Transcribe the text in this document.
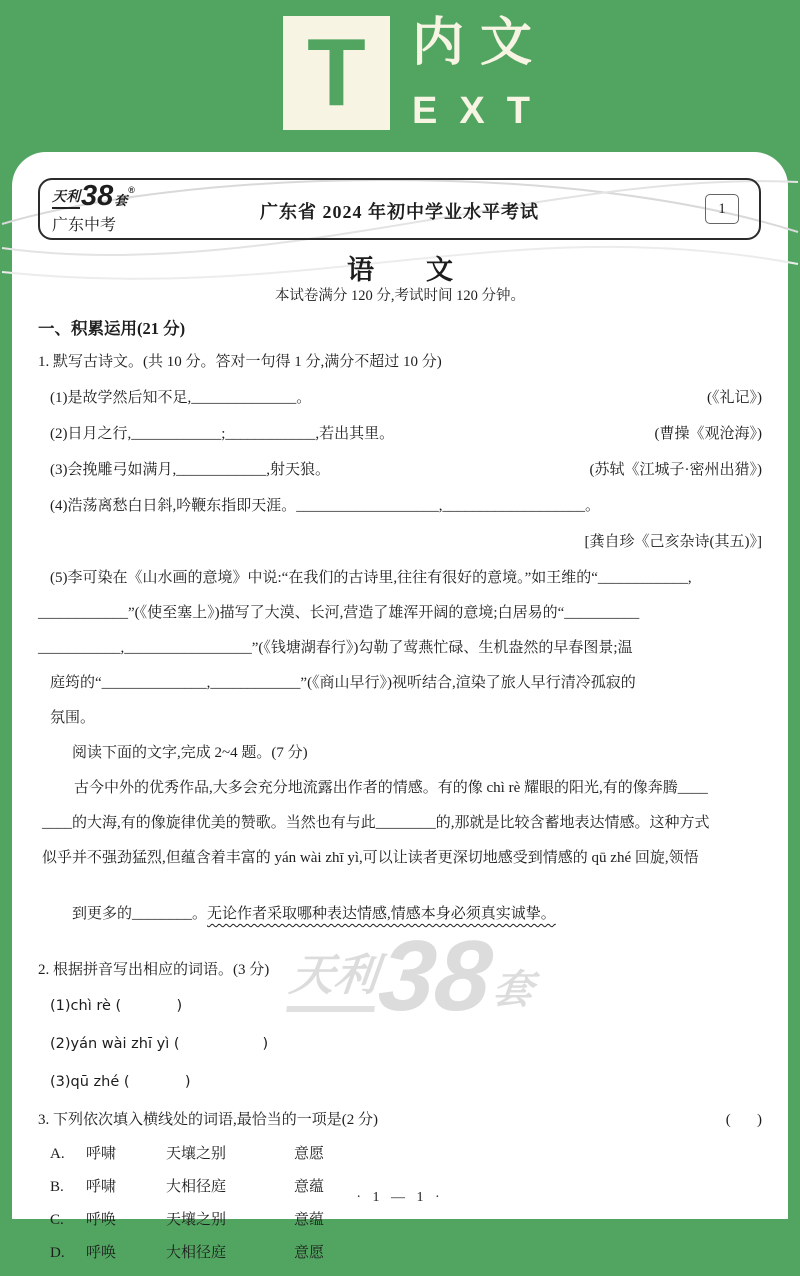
T 内文
EXT
天利 38 套
®
广东中考
广东省 2024 年初中学业水平考试	1
语文
本试卷满分 120 分,考试时间 120 分钟。
天利
38
套
一、积累运用(21 分)
1. 默写古诗文。(共 10 分。答对一句得 1 分,满分不超过 10 分)
(1)是故学然后知不足,______________。	(《礼记》)
(2)日月之行,____________;____________,若出其里。	(曹操《观沧海》)
(3)会挽雕弓如满月,____________,射天狼。	(苏轼《江城子·密州出猎》)
(4)浩荡离愁白日斜,吟鞭东指即天涯。___________________,___________________。
[龚自珍《己亥杂诗(其五)》]
(5)李可染在《山水画的意境》中说:“在我们的古诗里,往往有很好的意境。”如王维的“____________,
____________”(《使至塞上》)描写了大漠、长河,营造了雄浑开阔的意境;白居易的“__________
___________,_________________”(《钱塘湖春行》)勾勒了莺燕忙碌、生机盎然的早春图景;温
庭筠的“______________,____________”(《商山早行》)视听结合,渲染了旅人早行清冷孤寂的
氛围。
阅读下面的文字,完成 2~4 题。(7 分)
古今中外的优秀作品,大多会充分地流露出作者的情感。有的像 chì rè 耀眼的阳光,有的像奔腾____
____的大海,有的像旋律优美的赞歌。当然也有与此________的,那就是比较含蓄地表达情感。这种方式
似乎并不强劲猛烈,但蕴含着丰富的 yán wài zhī yì,可以让读者更深切地感受到情感的 qū zhé 回旋,领悟

到更多的________。无论作者采取哪种表达情感,情感本身必须真实诚挚。

2. 根据拼音写出相应的词语。(3 分)
(1)chì rè (            )
(2)yán wài zhī yì (                  )
(3)qū zhé (            )
3. 下列依次填入横线处的词语,最恰当的一项是(2 分)	(       )
A. 呼啸	天壤之别	意愿
B. 呼啸	大相径庭	意蕴
C. 呼唤	天壤之别	意蕴
D. 呼唤	大相径庭	意愿
· 1 — 1 ·
